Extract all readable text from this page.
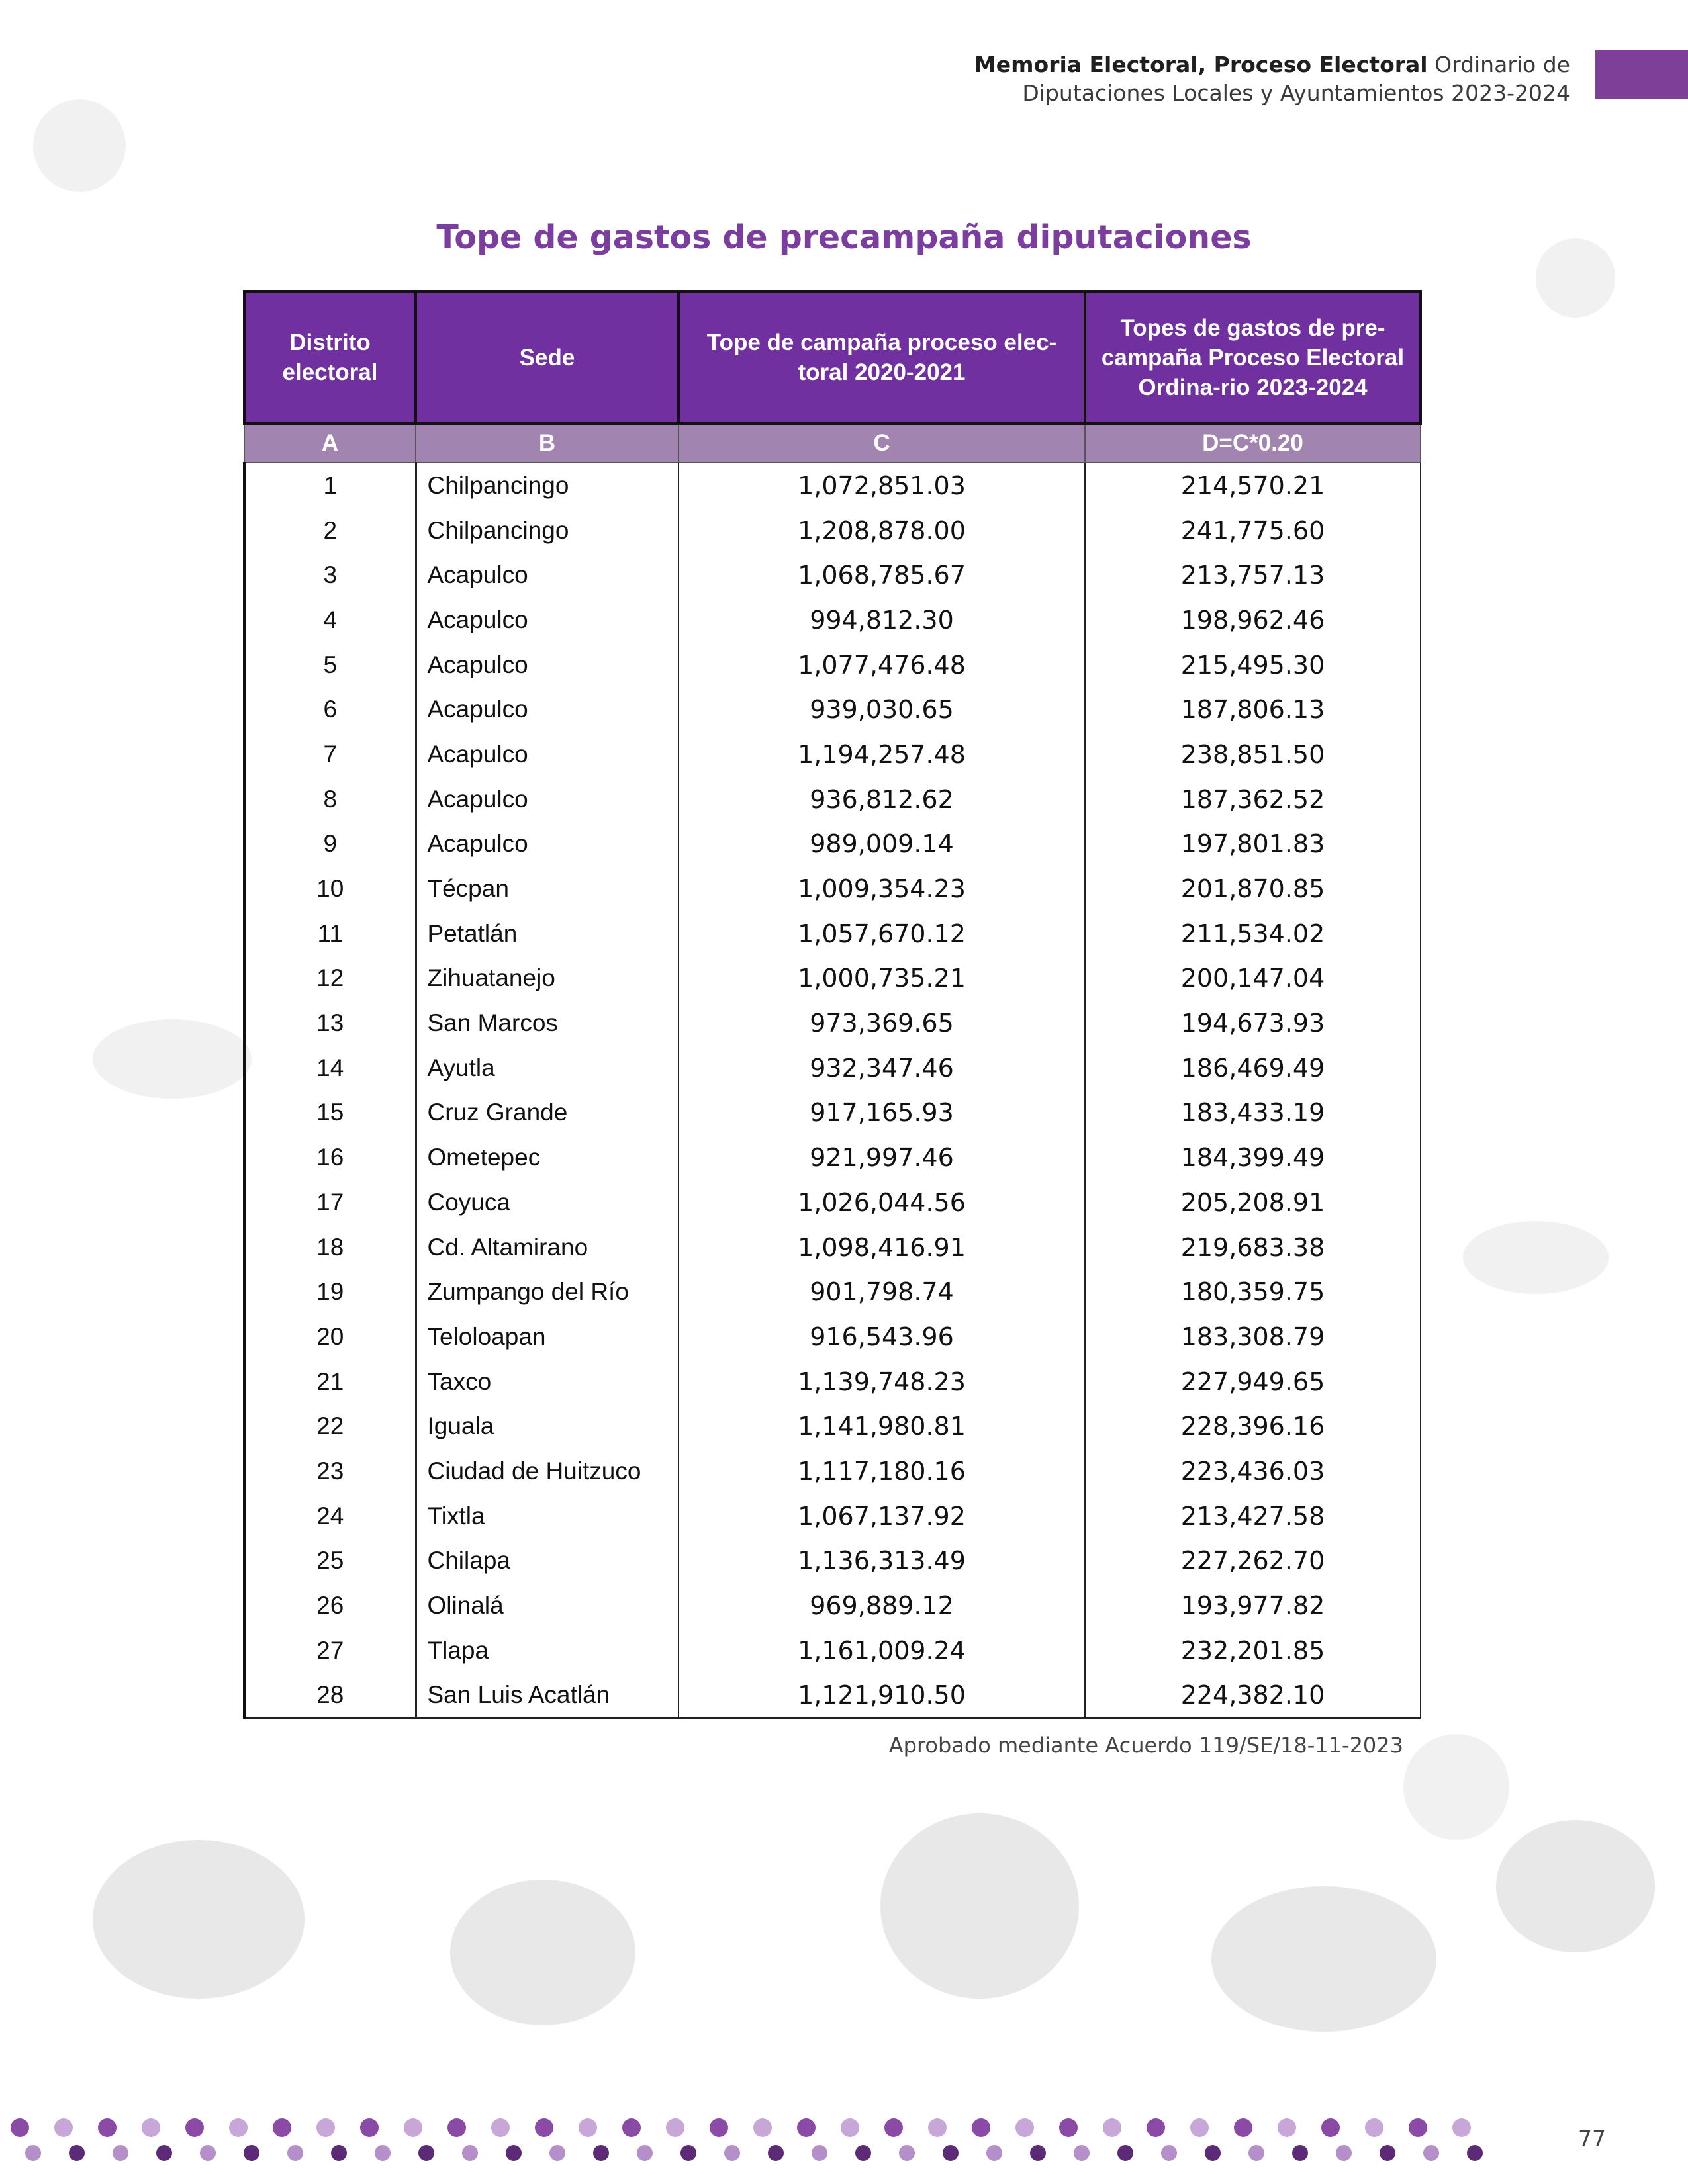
Memoria Electoral, Proceso Electoral Ordinario de
Diputaciones Locales y Ayuntamientos 2023-2024
Tope de gastos de precampaña diputaciones
Distrito electoral	Sede	Tope de campaña proceso elec-toral 2020-2021	Topes de gastos de pre-campaña Proceso Electoral Ordina-rio 2023-2024
A	B	C	D=C*0.20
1	Chilpancingo	1,072,851.03	214,570.21
2	Chilpancingo	1,208,878.00	241,775.60
3	Acapulco	1,068,785.67	213,757.13
4	Acapulco	994,812.30	198,962.46
5	Acapulco	1,077,476.48	215,495.30
6	Acapulco	939,030.65	187,806.13
7	Acapulco	1,194,257.48	238,851.50
8	Acapulco	936,812.62	187,362.52
9	Acapulco	989,009.14	197,801.83
10	Técpan	1,009,354.23	201,870.85
11	Petatlán	1,057,670.12	211,534.02
12	Zihuatanejo	1,000,735.21	200,147.04
13	San Marcos	973,369.65	194,673.93
14	Ayutla	932,347.46	186,469.49
15	Cruz Grande	917,165.93	183,433.19
16	Ometepec	921,997.46	184,399.49
17	Coyuca	1,026,044.56	205,208.91
18	Cd. Altamirano	1,098,416.91	219,683.38
19	Zumpango del Río	901,798.74	180,359.75
20	Teloloapan	916,543.96	183,308.79
21	Taxco	1,139,748.23	227,949.65
22	Iguala	1,141,980.81	228,396.16
23	Ciudad de Huitzuco	1,117,180.16	223,436.03
24	Tixtla	1,067,137.92	213,427.58
25	Chilapa	1,136,313.49	227,262.70
26	Olinalá	969,889.12	193,977.82
27	Tlapa	1,161,009.24	232,201.85
28	San Luis Acatlán	1,121,910.50	224,382.10
Aprobado mediante Acuerdo 119/SE/18-11-2023
77
